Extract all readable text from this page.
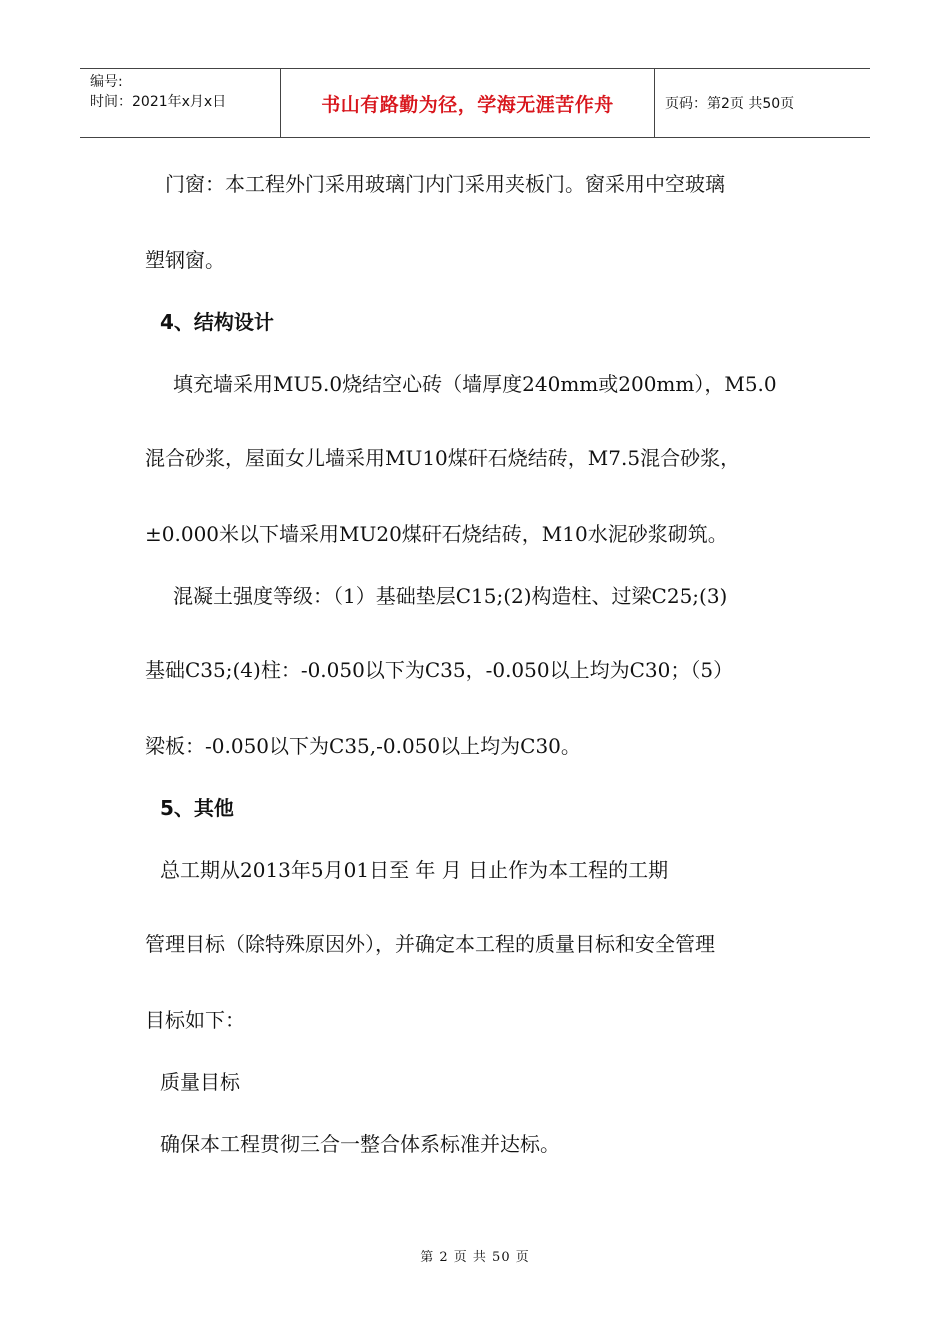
编号:
时间：2021年x月x日	书山有路勤为径，学海无涯苦作舟	页码：第2页 共50页
门窗：本工程外门采用玻璃门内门采用夹板门。窗采用中空玻璃
塑钢窗。
4、结构设计
填充墙采用MU5.0烧结空心砖（墙厚度240mm或200mm），M5.0
混合砂浆，屋面女儿墙采用MU10煤矸石烧结砖，M7.5混合砂浆，
±0.000米以下墙采用MU20煤矸石烧结砖，M10水泥砂浆砌筑。
混凝土强度等级：（1）基础垫层C15;(2)构造柱、过梁C25;(3)
基础C35;(4)柱：-0.050以下为C35，-0.050以上均为C30；（5）
梁板：-0.050以下为C35,-0.050以上均为C30。
5、其他
总工期从2013年5月01日至 年 月 日止作为本工程的工期
管理目标（除特殊原因外），并确定本工程的质量目标和安全管理
目标如下：
质量目标
确保本工程贯彻三合一整合体系标准并达标。
第 2 页 共 50 页
